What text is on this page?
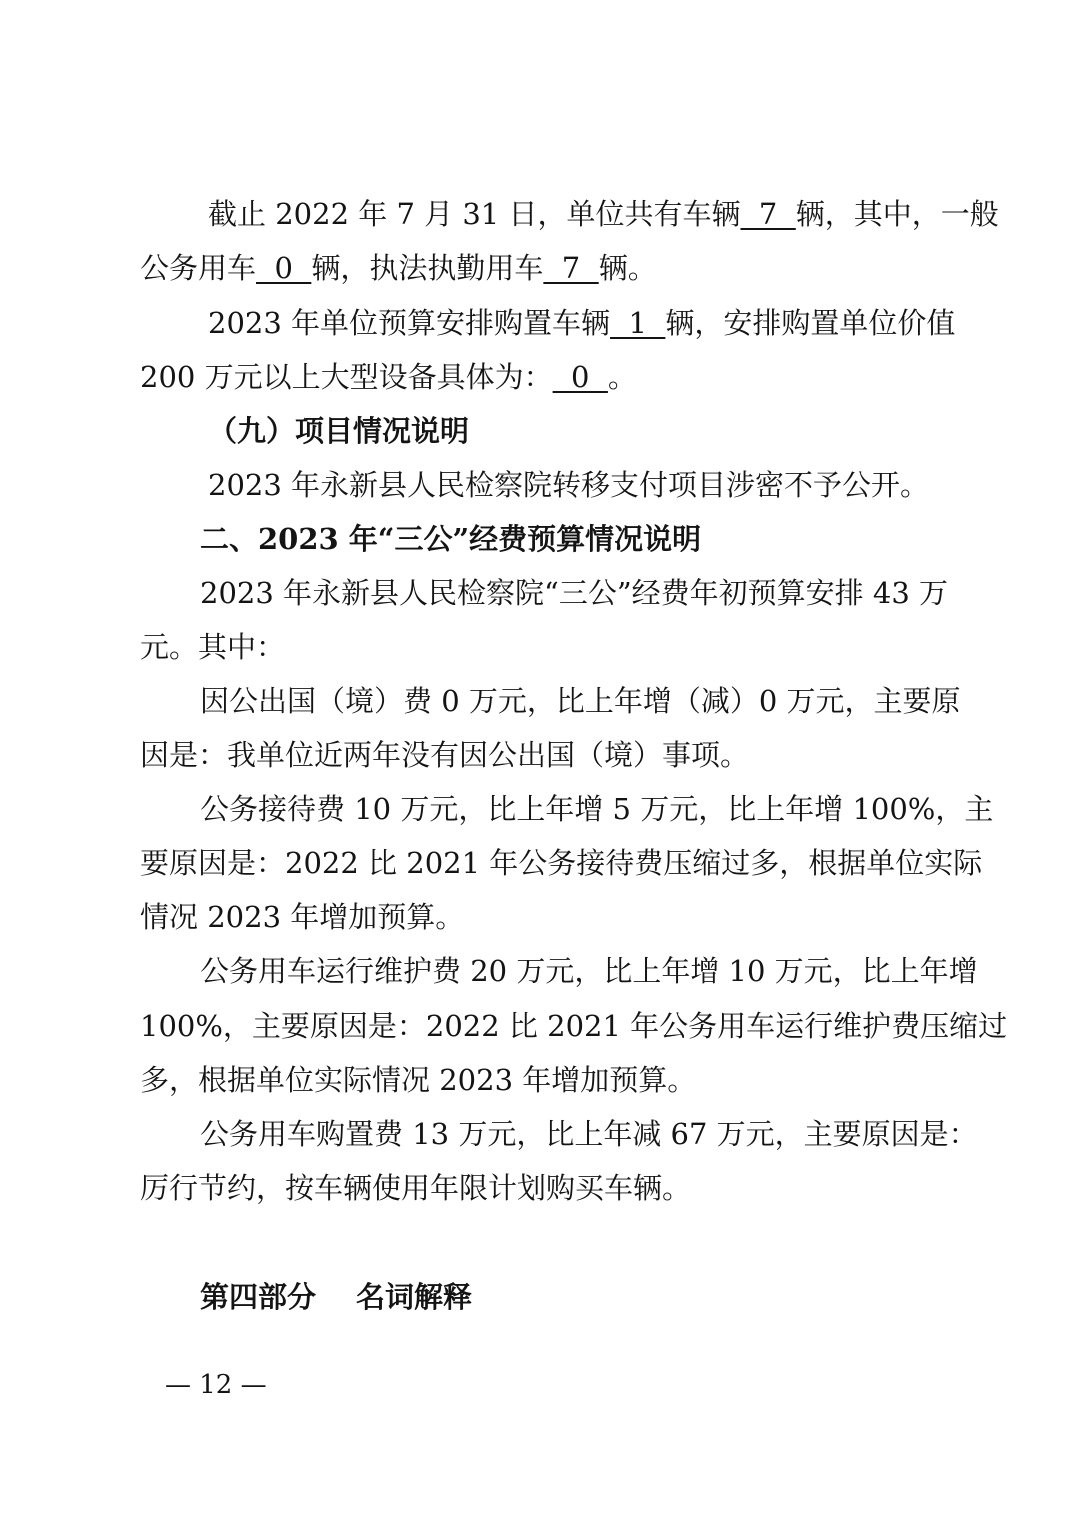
截止 2022 年 7 月 31 日，单位共有车辆  7  辆，其中，一般
公务用车  0  辆，执法执勤用车  7  辆。
2023 年单位预算安排购置车辆  1  辆，安排购置单位价值
200 万元以上大型设备具体为：  0  。
（九）项目情况说明
2023 年永新县人民检察院转移支付项目涉密不予公开。
二、2023 年“三公”经费预算情况说明
2023 年永新县人民检察院“三公”经费年初预算安排 43 万
元。其中：
因公出国（境）费 0 万元，比上年增（减）0 万元，主要原
因是：我单位近两年没有因公出国（境）事项。
公务接待费 10 万元，比上年增 5 万元，比上年增 100%，主
要原因是：2022 比 2021 年公务接待费压缩过多，根据单位实际
情况 2023 年增加预算。
公务用车运行维护费 20 万元，比上年增 10 万元，比上年增
100%，主要原因是：2022 比 2021 年公务用车运行维护费压缩过
多，根据单位实际情况 2023 年增加预算。
公务用车购置费 13 万元，比上年减 67 万元，主要原因是：
厉行节约，按车辆使用年限计划购买车辆。
第四部分 名词解释
— 12 —
